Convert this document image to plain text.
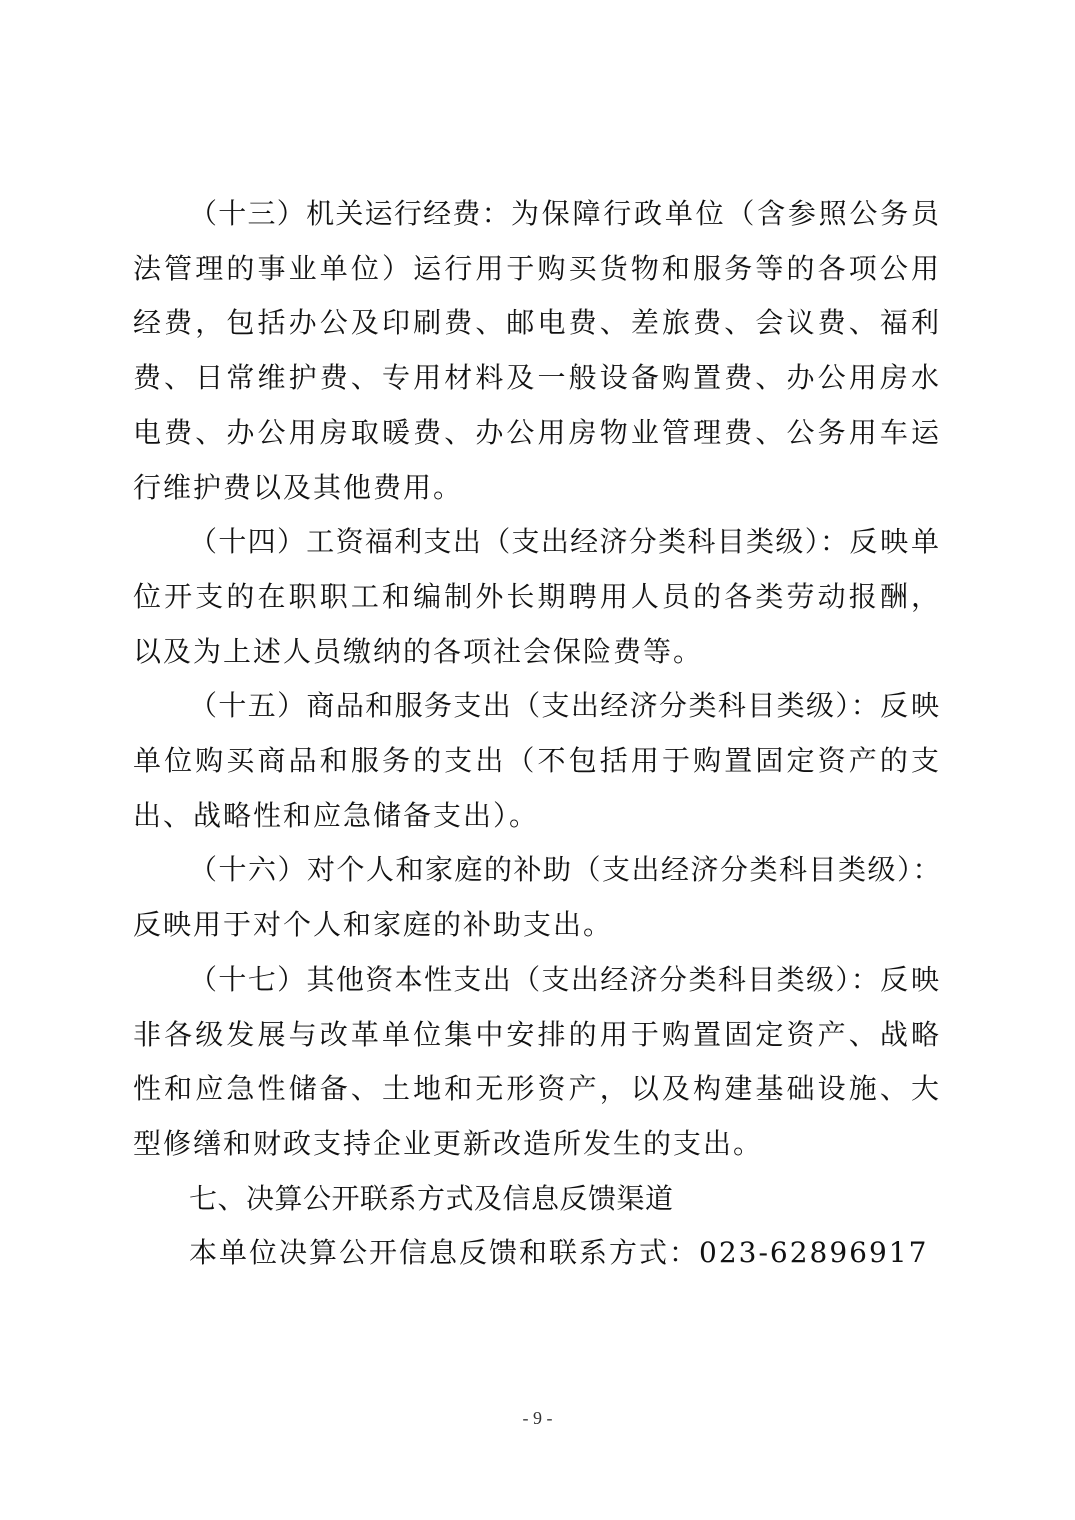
（十三）机关运行经费：为保障行政单位（含参照公务员法管理的事业单位）运行用于购买货物和服务等的各项公用经费，包括办公及印刷费、邮电费、差旅费、会议费、福利费、日常维护费、专用材料及一般设备购置费、办公用房水电费、办公用房取暖费、办公用房物业管理费、公务用车运行维护费以及其他费用。

（十四）工资福利支出（支出经济分类科目类级）：反映单位开支的在职职工和编制外长期聘用人员的各类劳动报酬，以及为上述人员缴纳的各项社会保险费等。

（十五）商品和服务支出（支出经济分类科目类级）：反映单位购买商品和服务的支出（不包括用于购置固定资产的支出、战略性和应急储备支出）。

（十六）对个人和家庭的补助（支出经济分类科目类级）：反映用于对个人和家庭的补助支出。

（十七）其他资本性支出（支出经济分类科目类级）：反映非各级发展与改革单位集中安排的用于购置固定资产、战略性和应急性储备、土地和无形资产，以及构建基础设施、大型修缮和财政支持企业更新改造所发生的支出。

七、决算公开联系方式及信息反馈渠道

本单位决算公开信息反馈和联系方式：023-62896917

- 9 -
